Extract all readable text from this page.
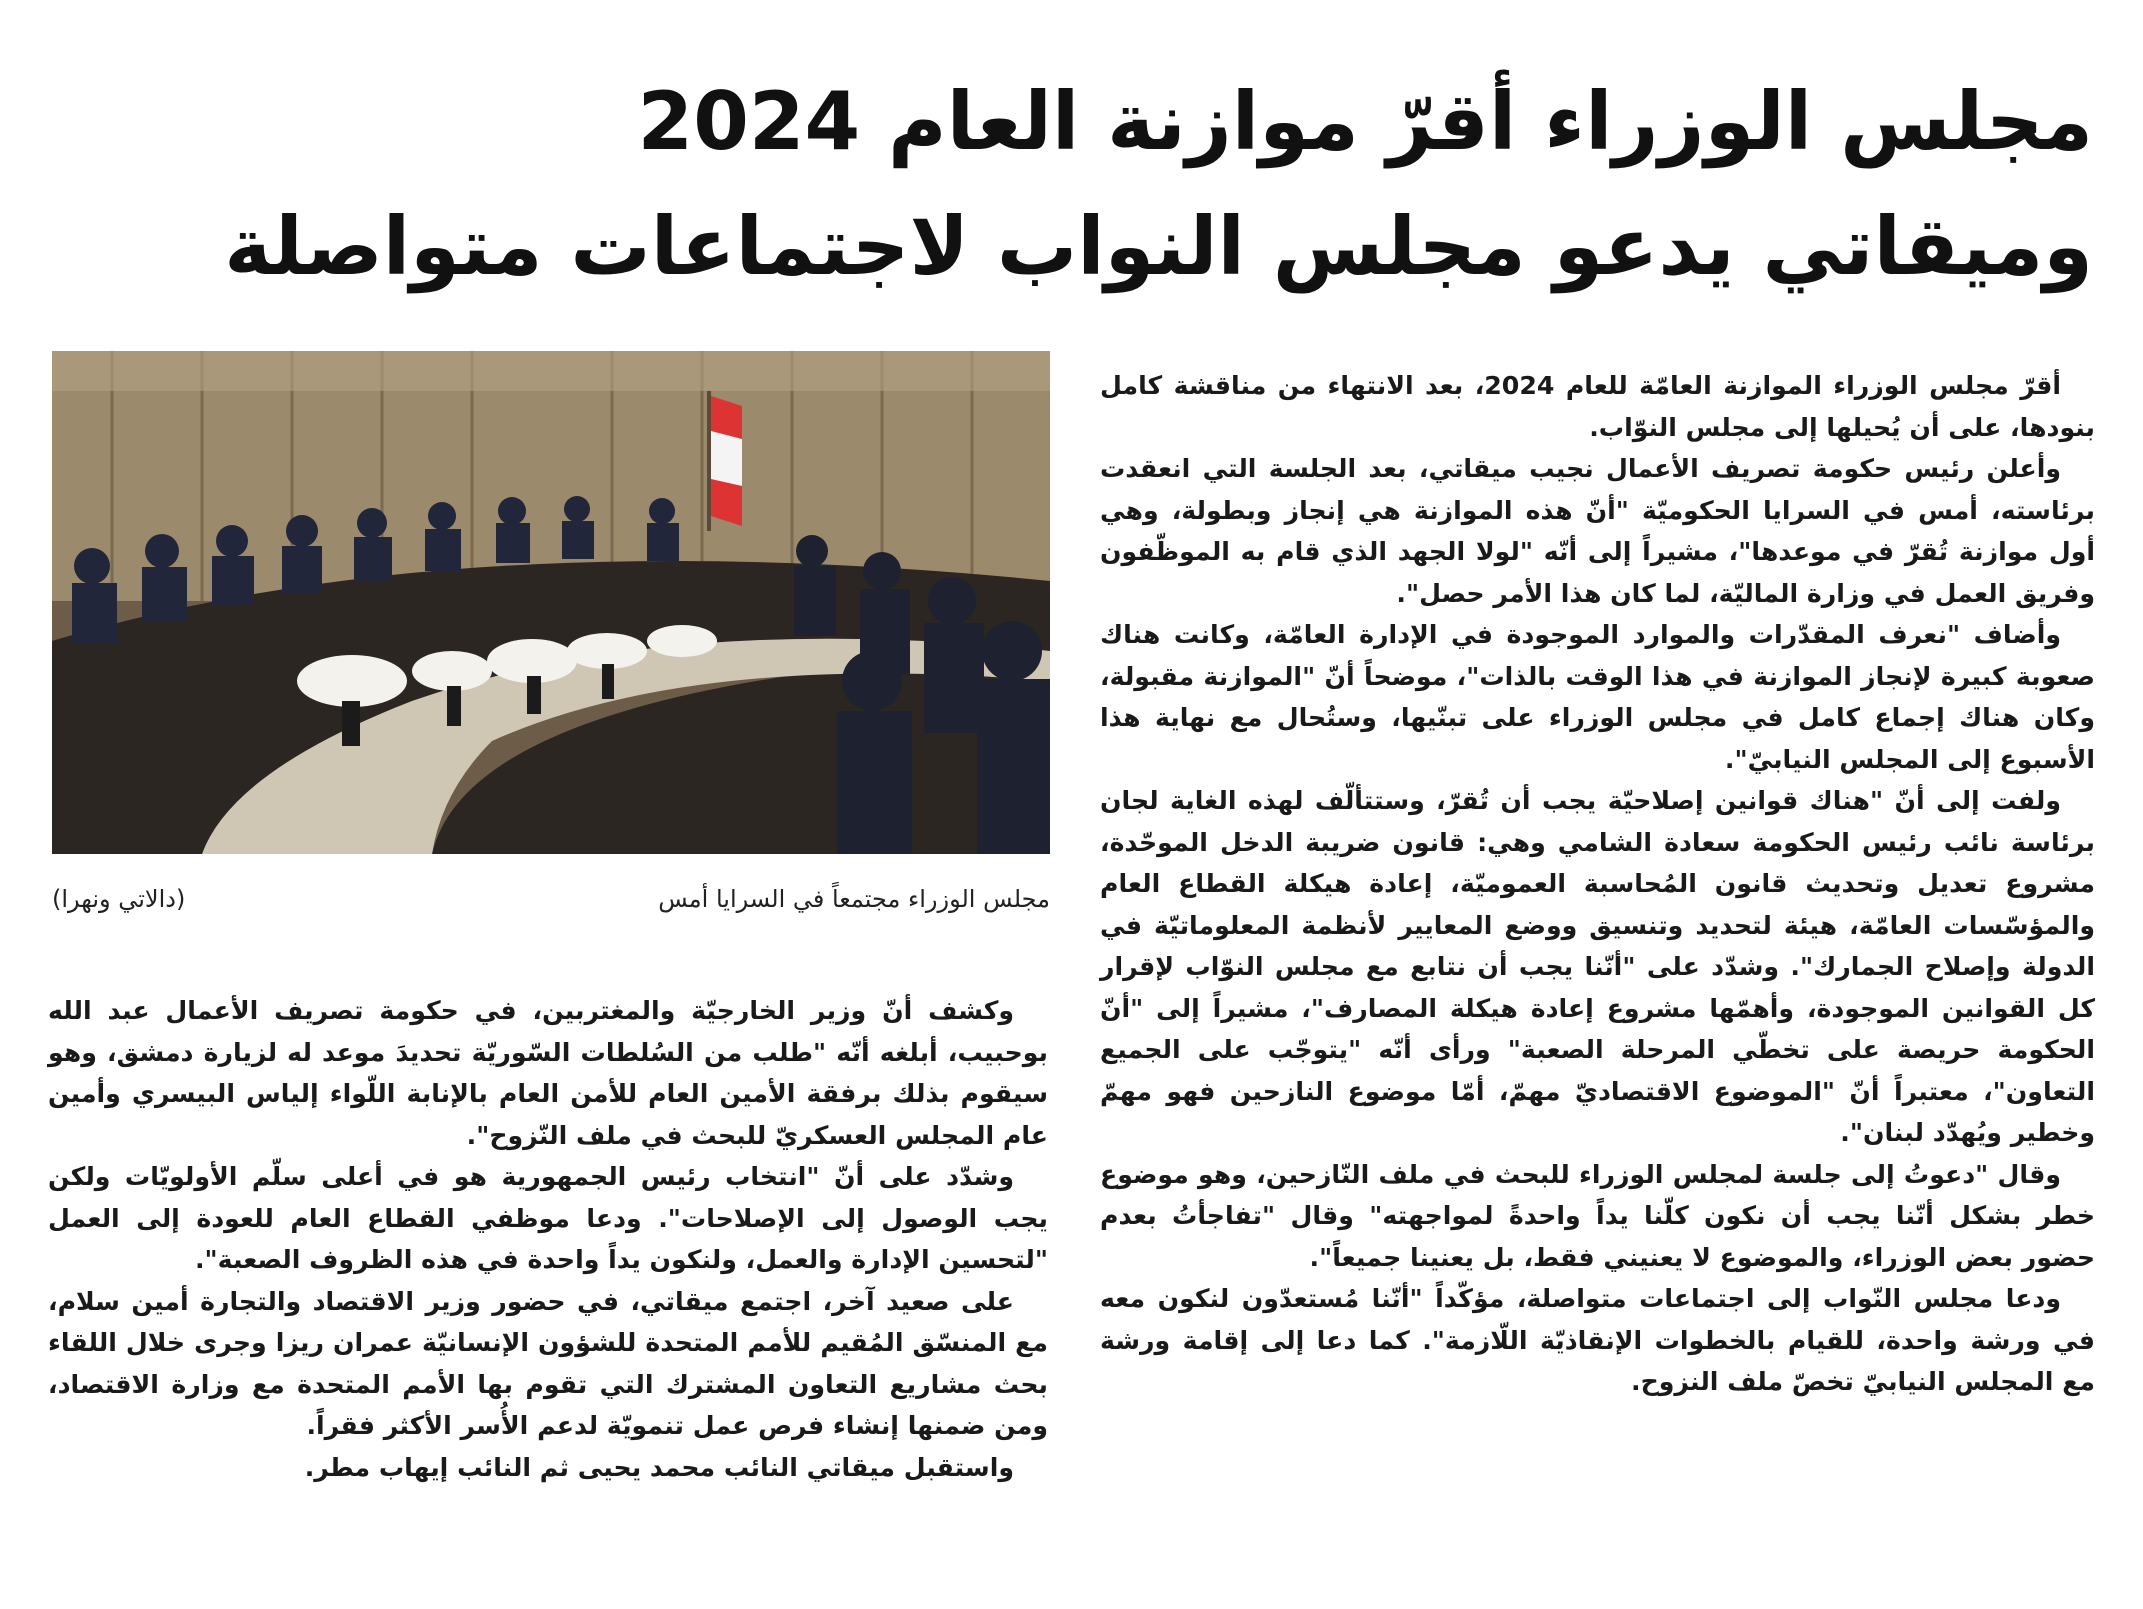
مجلس الوزراء أقرّ موازنة العام 2024
وميقاتي يدعو مجلس النواب لاجتماعات متواصلة
مجلس الوزراء مجتمعاً في السرايا أمس
(دالاتي ونهرا)

أقرّ مجلس الوزراء الموازنة العامّة للعام 2024، بعد الانتهاء من مناقشة كامل بنودها، على أن يُحيلها إلى مجلس النوّاب.

وأعلن رئيس حكومة تصريف الأعمال نجيب ميقاتي، بعد الجلسة التي انعقدت برئاسته، أمس في السرايا الحكوميّة "أنّ هذه الموازنة هي إنجاز وبطولة، وهي أول موازنة تُقرّ في موعدها"، مشيراً إلى أنّه "لولا الجهد الذي قام به الموظّفون وفريق العمل في وزارة الماليّة، لما كان هذا الأمر حصل".

وأضاف "نعرف المقدّرات والموارد الموجودة في الإدارة العامّة، وكانت هناك صعوبة كبيرة لإنجاز الموازنة في هذا الوقت بالذات"، موضحاً أنّ "الموازنة مقبولة، وكان هناك إجماع كامل في مجلس الوزراء على تبنّيها، وستُحال مع نهاية هذا الأسبوع إلى المجلس النيابيّ".

ولفت إلى أنّ "هناك قوانين إصلاحيّة يجب أن تُقرّ، وستتألّف لهذه الغاية لجان برئاسة نائب رئيس الحكومة سعادة الشامي وهي: قانون ضريبة الدخل الموحّدة، مشروع تعديل وتحديث قانون المُحاسبة العموميّة، إعادة هيكلة القطاع العام والمؤسّسات العامّة، هيئة لتحديد وتنسيق ووضع المعايير لأنظمة المعلوماتيّة في الدولة وإصلاح الجمارك". وشدّد على "أنّنا يجب أن نتابع مع مجلس النوّاب لإقرار كل القوانين الموجودة، وأهمّها مشروع إعادة هيكلة المصارف"، مشيراً إلى "أنّ الحكومة حريصة على تخطّي المرحلة الصعبة" ورأى أنّه "يتوجّب على الجميع التعاون"، معتبراً أنّ "الموضوع الاقتصاديّ مهمّ، أمّا موضوع النازحين فهو مهمّ وخطير ويُهدّد لبنان".

وقال "دعوتُ إلى جلسة لمجلس الوزراء للبحث في ملف النّازحين، وهو موضوع خطر بشكل أنّنا يجب أن نكون كلّنا يداً واحدةً لمواجهته" وقال "تفاجأتُ بعدم حضور بعض الوزراء، والموضوع لا يعنيني فقط، بل يعنينا جميعاً".

ودعا مجلس النّواب إلى اجتماعات متواصلة، مؤكّداً "أنّنا مُستعدّون لنكون معه في ورشة واحدة، للقيام بالخطوات الإنقاذيّة اللّازمة". كما دعا إلى إقامة ورشة مع المجلس النيابيّ تخصّ ملف النزوح.

وكشف أنّ وزير الخارجيّة والمغتربين، في حكومة تصريف الأعمال عبد الله بوحبيب، أبلغه أنّه "طلب من السُلطات السّوريّة تحديدَ موعد له لزيارة دمشق، وهو سيقوم بذلك برفقة الأمين العام للأمن العام بالإنابة اللّواء إلياس البيسري وأمين عام المجلس العسكريّ للبحث في ملف النّزوح".

وشدّد على أنّ "انتخاب رئيس الجمهورية هو في أعلى سلّم الأولويّات ولكن يجب الوصول إلى الإصلاحات". ودعا موظفي القطاع العام للعودة إلى العمل "لتحسين الإدارة والعمل، ولنكون يداً واحدة في هذه الظروف الصعبة".

على صعيد آخر، اجتمع ميقاتي، في حضور وزير الاقتصاد والتجارة أمين سلام، مع المنسّق المُقيم للأمم المتحدة للشؤون الإنسانيّة عمران ريزا وجرى خلال اللقاء بحث مشاريع التعاون المشترك التي تقوم بها الأمم المتحدة مع وزارة الاقتصاد، ومن ضمنها إنشاء فرص عمل تنمويّة لدعم الأُسر الأكثر فقراً.

واستقبل ميقاتي النائب محمد يحيى ثم النائب إيهاب مطر.
